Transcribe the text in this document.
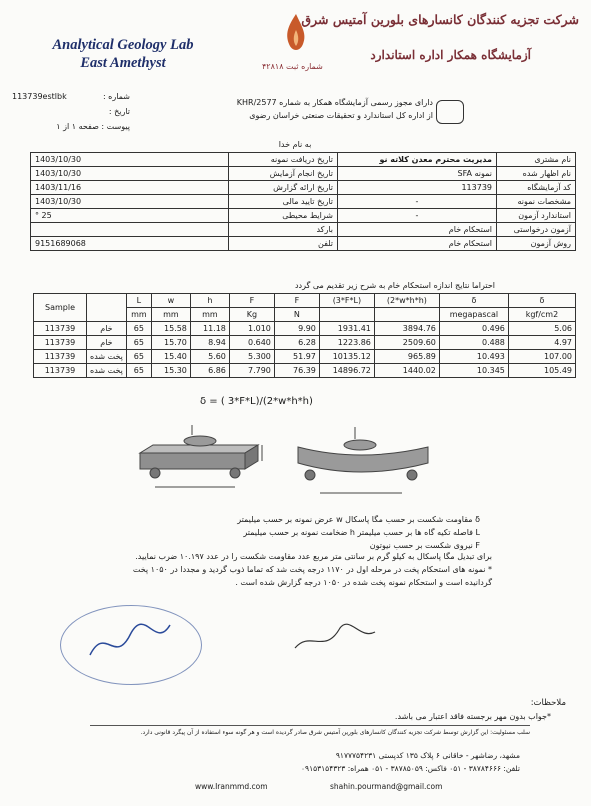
Analytical Geology Lab
East Amethyst	شماره ثبت ۴۲۸۱۸
شرکت تجزیه کنندگان کانسارهای بلورین آمتیس شرق
آزمایشگاه همکار اداره استاندارد
شماره :
113739estlbk
تاریخ :
پیوست : صفحه ۱ از ۱
دارای مجوز رسمی آزمایشگاه همکار به شماره KHR/2577
از اداره کل استاندارد و تحقیقات صنعتی خراسان رضوی
به نام خدا
نام مشتری	مدیریت محترم معدن کلاته نو	تاریخ دریافت نمونه	1403/10/30
نام اظهار شده	نمونه SFA	تاریخ انجام آزمایش	1403/10/30
کد آزمایشگاه	113739	تاریخ ارائه گزارش	1403/11/16
مشخصات نمونه	-	تاریخ تایید مالی	1403/10/30
استاندارد آزمون	-	شرایط محیطی	25 °
آزمون درخواستی	استحکام خام	بارکد	
روش آزمون	استحکام خام	تلفن	9151689068
احتراما نتایج اندازه استحکام خام به شرح زیر تقدیم می گردد
Sample		L	w	h	F	F	(3*F*L)	(2*w*h*h)	δ	δ
		mm	mm	mm	Kg	N			megapascal	kgf/cm2
113739	خام	65	15.58	11.18	1.010	9.90	1931.41	3894.76	0.496	5.06
113739	خام	65	15.70	8.94	0.640	6.28	1223.86	2509.60	0.488	4.97
113739	پخت شده	65	15.40	5.60	5.300	51.97	10135.12	965.89	10.493	107.00
113739	پخت شده	65	15.30	6.86	7.790	76.39	14896.72	1440.02	10.345	105.49
δ = ( 3*F*L)/(2*w*h*h)
δ مقاومت شکست بر حسب مگا پاسکال w عرض نمونه بر حسب میلیمتر
L فاصله تکیه گاه ها بر حسب میلیمتر h ضخامت نمونه بر حسب میلیمتر
F نیروی شکست بر حسب نیوتون
برای تبدیل مگا پاسکال به کیلو گرم بر سانتی متر مربع عدد مقاومت شکست را در عدد ۱۰.۱۹۷ ضرب نمایید.
* نمونه های استحکام پخت در مرحله اول در ۱۱۷۰ درجه پخت شد که تماما ذوب گردید و مجددا در ۱۰۵۰ پخت گردانیده است و استحکام نمونه پخت شده در ۱۰۵۰ درجه گزارش شده است .
ملاحظات:
*جواب بدون مهر برجسته فاقد اعتبار می باشد.
سلب مسئولیت: این گزارش توسط شرکت تجزیه کنندگان کانسارهای بلورین آمتیس شرق صادر گردیده است و هر گونه سوء استفاده از آن پیگرد قانونی دارد.
مشهد، رضاشهر - خاقانی ۶ پلاک ۱۳۵ کدپستی ۹۱۷۷۷۵۴۲۳۱
تلفن: ۳۸۷۸۴۶۶۶ - ۰۵۱ فاکس: ۳۸۷۸۵۰۵۹ - ۰۵۱ همراه: ۰۹۱۵۳۱۵۴۳۲۳
www.Iranmmd.com	shahin.pourmand@gmail.com
